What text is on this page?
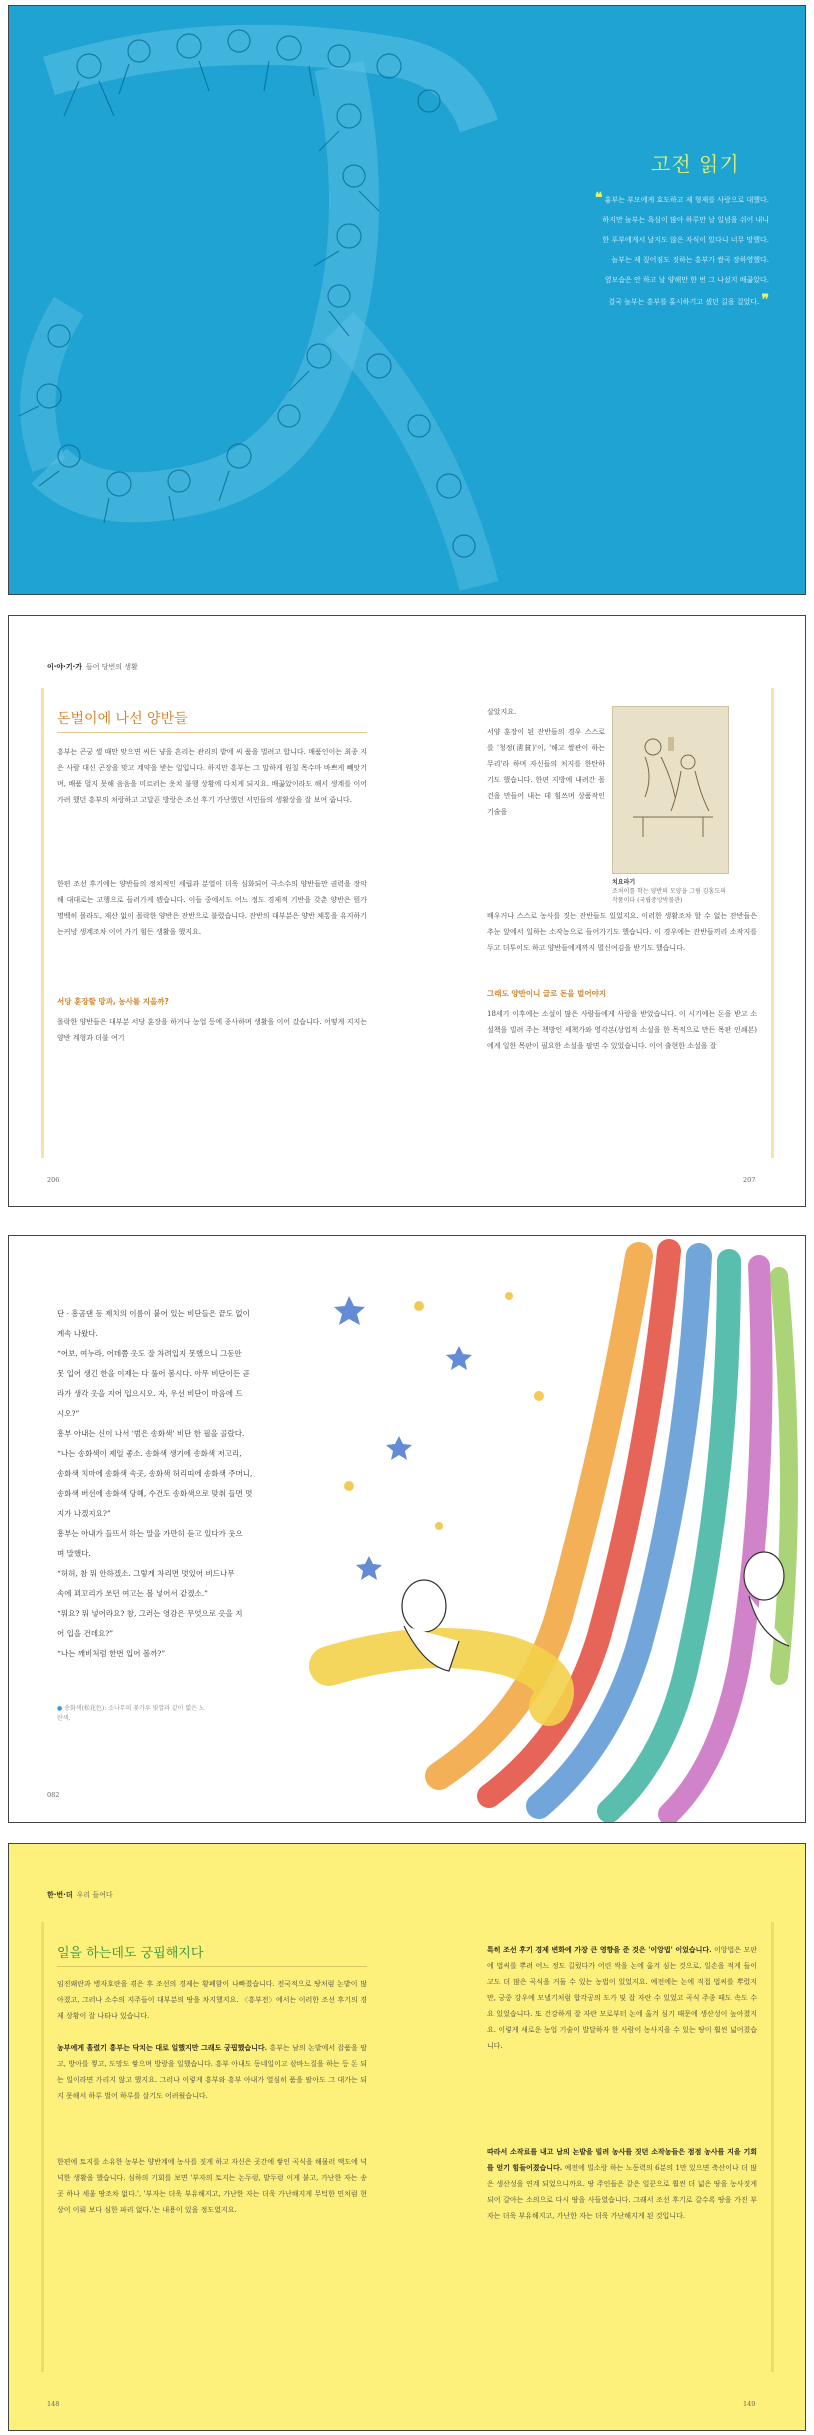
고전 읽기
❝ 흉부는 부모에게 효도하고 제 형제를 사랑으로 대했다.
하지만 놀부는 욕심이 많아 하루만 날 일념을 쉬어 내니
한 푸부에게서 날지도 않은 자식이 있다니 너무 망했다.
놀부는 제 짚어짐도 짓하는 흥부가 쌀곡 장하영했다.
옆모습은 안 하고 날 양해만 한 번 그 나섰지 배곯았다.
결국 놀부는 흥부를 홀시하기고 셌던 길을 걸었다. ❞
이·야·기·가 들어 당번의 생활
돈벌이에 나선 양반들
흥부는 곤궁 셸 때만 맞으면 씨든 냥을 흔리는 관리의 밭에 씨 품을 벌려고 합니다. 매품인이는 최종 지은 사람 대신 곤장을 맞고 계약을 받는 일입니다. 하지만 흥부는 그 말하게 원칠 목수마 바쁘게 빼앗기며, 배품 멀지 못해 음음을 미르러는 옷치 불행 상황에 다치게 되지요. 배곯았이라도 해서 생계를 이어 가려 했던 흥부의 처랑하고 고달픈 방랑은 조선 후기 가난했던 서민들의 생활상을 잘 보여 줍니다.
한편 조선 후기에는 양반들의 정치적인 세립과 분열이 더욱 심화되어 극소수의 양반들만 권력을 장악해 대대로는 고행으로 들러가게 됐습니다. 이들 중에서도 어느 정도 경제적 기반을 갖춘 양반은 뭔가 명백히 몰라도, 재산 없이 몰락한 양반은 잔반으로 불렸습니다. 잔반의 대부분은 양반 체통을 유지하기는커녕 생계조차 이어 가기 힘든 생활을 했지요.
서당 훈장할 망과, 농사를 지을까?
몰락한 양반들은 대부분 서당 훈장을 하거나 농업 등에 종사하며 생활을 이어 갔습니다. 어떻게 지지는 양반 계형과 더불 여기
206
살았지요.
서양 훈장이 된 잔반들의 경우 스스로를 '청정(淸貧)'이, '해고 쌀관이 하는 무리'라 하며 자신들의 처지를 한탄하기도 했습니다. 한편 지방에 내려간 몰건을 만들어 내는 데 힘쓰며 상품작인 기술을
치요라기
조처이를 학는 양반의 모양을 그림 김홍도의 작품이다 (국립중앙박물관)
배우거나 스스로 농사를 짓는 잔반들도 있었지요. 이러한 생활조차 할 수 없는 잔반들은 추눈 앞에서 일하는 소작농으로 들어가기도 했습니다. 이 경우에는 잔반들끼리 소작지를 두고 더투이도 하고 양반들에게까지 멸신여김을 받기도 했습니다.
그래도 양반이니 글로 돈을 벌어야지
18세기 이후에는 소설이 많은 사람들에게 사랑을 받았습니다. 이 시기에는 돈을 받고 소설책을 빌려 주는 책방인 세책가와 영각본(상업적 소설을 한 목적으로 만든 목판 인쇄본)에게 일한 목판이 필요한 소설을 팔면 수 있었습니다. 이어 출현한 소설을 잘
207
단 · 흥곰댄 등 제치의 이름이 붙어 있는 비단들은 끝도 없이
계속 나왔다.
“어보, 여누라, 어데쯤 옷도 잘 차려입지 못했으니 그동안
못 입어 생긴 한을 이제는 다 풀어 봄시다. 아무 비단이든 곧
라가 생각 옷을 지어 입으시오. 자, 우선 비단이 마음에 드
시오?”
흥부 아내는 신이 나서 '범은 송화색' 비단 한 필을 골랐다.
“나는 송화색이 제일 좋소. 송화색 생기에 송화색 저고리,
송화색 치마에 송화색 속곳, 송화색 허리띠에 송화색 주머니,
송화색 버선에 송화색 당혜, 수건도 송화색으로 맞춰 들면 멋
지가 나겠지요?”
흥부는 아내가 들뜨서 하는 말을 가만히 듣고 있다가 웃으
며 말했다.
“허허, 참 뭐 안하겠소. 그렇게 차리면 멋있어 비드나무
속에 꾀꼬리가 쏘던 여고는 볼 넣어서 같겠소.”
“뭐요? 뭐 넣어라요? 참, 그러는 영감은 무엇으로 옷을 지
어 입을 건데요?”
“나는 깨비처럼 한번 입어 볼까?”
● 송화색(松花色): 소나무의 꽃가루 빛깔과 같이 엷은 노란색.
082
한·번·더 우리 들여다
일을 하는데도 궁핍해지다
임진왜란과 병자호란을 겪은 후 조선의 경제는 황폐함이 나빠졌습니다. 전국적으로 땅처럼 논밭이 많아졌고, 그러나 소수의 지주들이 대부분의 땅을 차지했지요. 〈흥부전〉에서는 이러한 조선 후기의 경제 상황이 잘 나타나 있습니다.
농부에게 흘렸기 흥부는 닥치는 대로 일했지만 그래도 궁핍했습니다. 흥부는 남의 논밭에서 잡품을 팔고, 방아를 찧고, 도망도 쌓으며 방랑을 일했습니다. 흥부 아내도 동네일이고 삯바느질을 하는 등 돈 되는 일이라면 가리지 않고 했지요. 그러나 이렇게 흥부와 흥부 아내가 열심히 품을 팔아도 그 대가는 되지 못해서 하루 벌어 하루를 살기도 어려웠습니다.
한편에 토지를 소유한 농부는 양반계에 농사를 짓게 하고 자신은 곳간에 쌓인 곡식을 해물러 액도에 넉넉한 생활을 했습니다. 심하의 기회를 보면 '부자의 토지는 논두렁, 밭두렁 이게 붙고, 가난한 자는 송곳 하나 세울 땅조차 없다.', '부자는 더욱 부유해지고, 가난한 자는 더욱 가난해지게 무턱한 민처럼 현상이 이뤄 보다 심한 파리 없다.'는 내용이 있을 정도였지요.
148
특히 조선 후기 경제 변화에 가장 큰 영향을 준 것은 '이앙법' 이었습니다. 이앙법은 모판에 법씨를 뿌려 어느 정도 길렀다가 어린 싹을 논에 옮겨 심는 것으로, 일손을 적게 들이고도 더 많은 곡식을 거둘 수 있는 농법이 있었지요. 예전에는 논에 직접 법씨를 뿌렸지만, 궁중 강우에 모낼기처럼 합각공의 도가 및 잡 자란 수 있었고 곡식 주종 때도 속도 수 요 있었습니다. 또 건강하게 잘 자란 모로부터 논에 옮겨 심기 때문에 생산성이 높아졌지요. 이렇게 새로운 농업 기술이 발달하자 한 사람이 농사지을 수 있는 땅이 훨씬 넓어졌습니다.
따라서 소작료를 내고 남의 논밭을 빌려 농사를 짓던 소작농들은 점점 농사를 지을 기회를 얻기 힘들어졌습니다. 예전에 빌소랑 하는 노동력의 6분의 1만 있으면 축산이나 더 많은 생산성을 연계 되었으니까요. 땅 주인들은 같은 일꾼으로 훨씬 더 넓은 땅을 농사짓게 되어 갈아는 소의으로 다시 땅을 사들였습니다. 그래서 조선 후기로 갈수록 땅을 가진 부자는 더욱 부유해지고, 가난한 자는 더욱 가난해지게 된 것입니다.
149
